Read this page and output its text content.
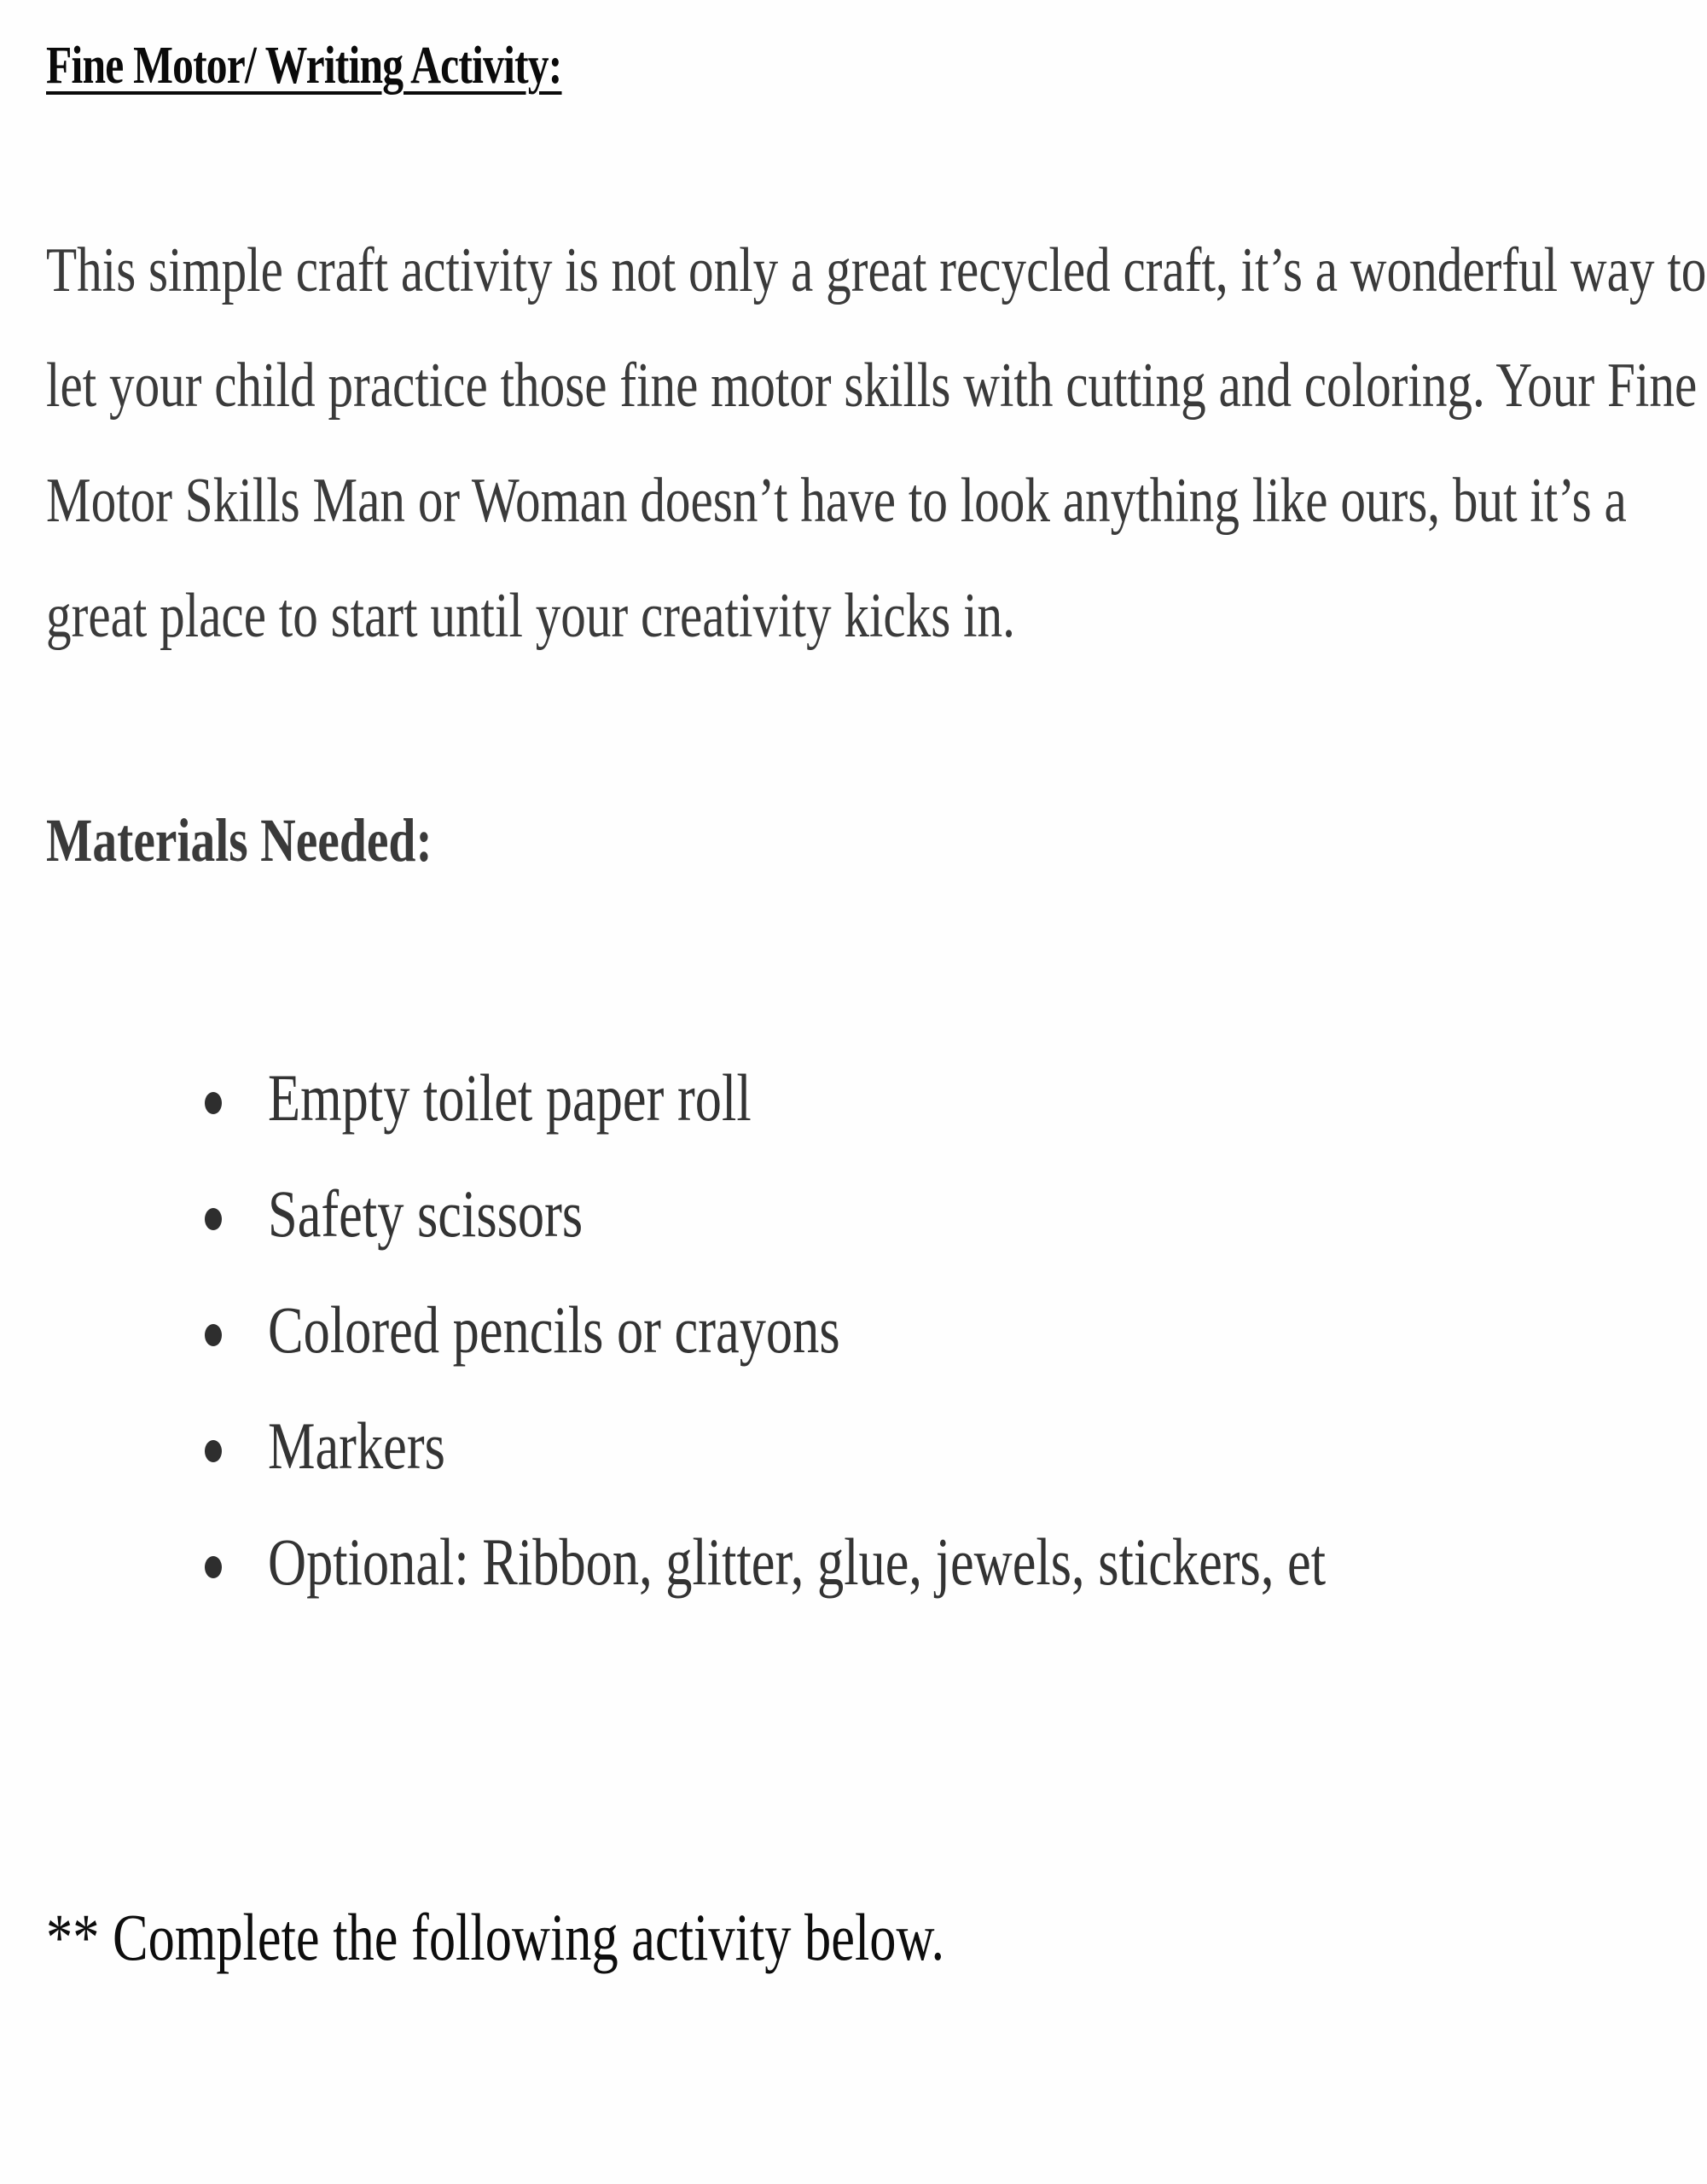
Fine Motor/ Writing Activity:

This simple craft activity is not only a great recycled craft, it’s a wonderful way to
let your child practice those fine motor skills with cutting and coloring. Your Fine
Motor Skills Man or Woman doesn’t have to look anything like ours, but it’s a
great place to start until your creativity kicks in.

Materials Needed:
Empty toilet paper roll
Safety scissors
Colored pencils or crayons
Markers
Optional: Ribbon, glitter, glue, jewels, stickers, et

** Complete the following activity below.
